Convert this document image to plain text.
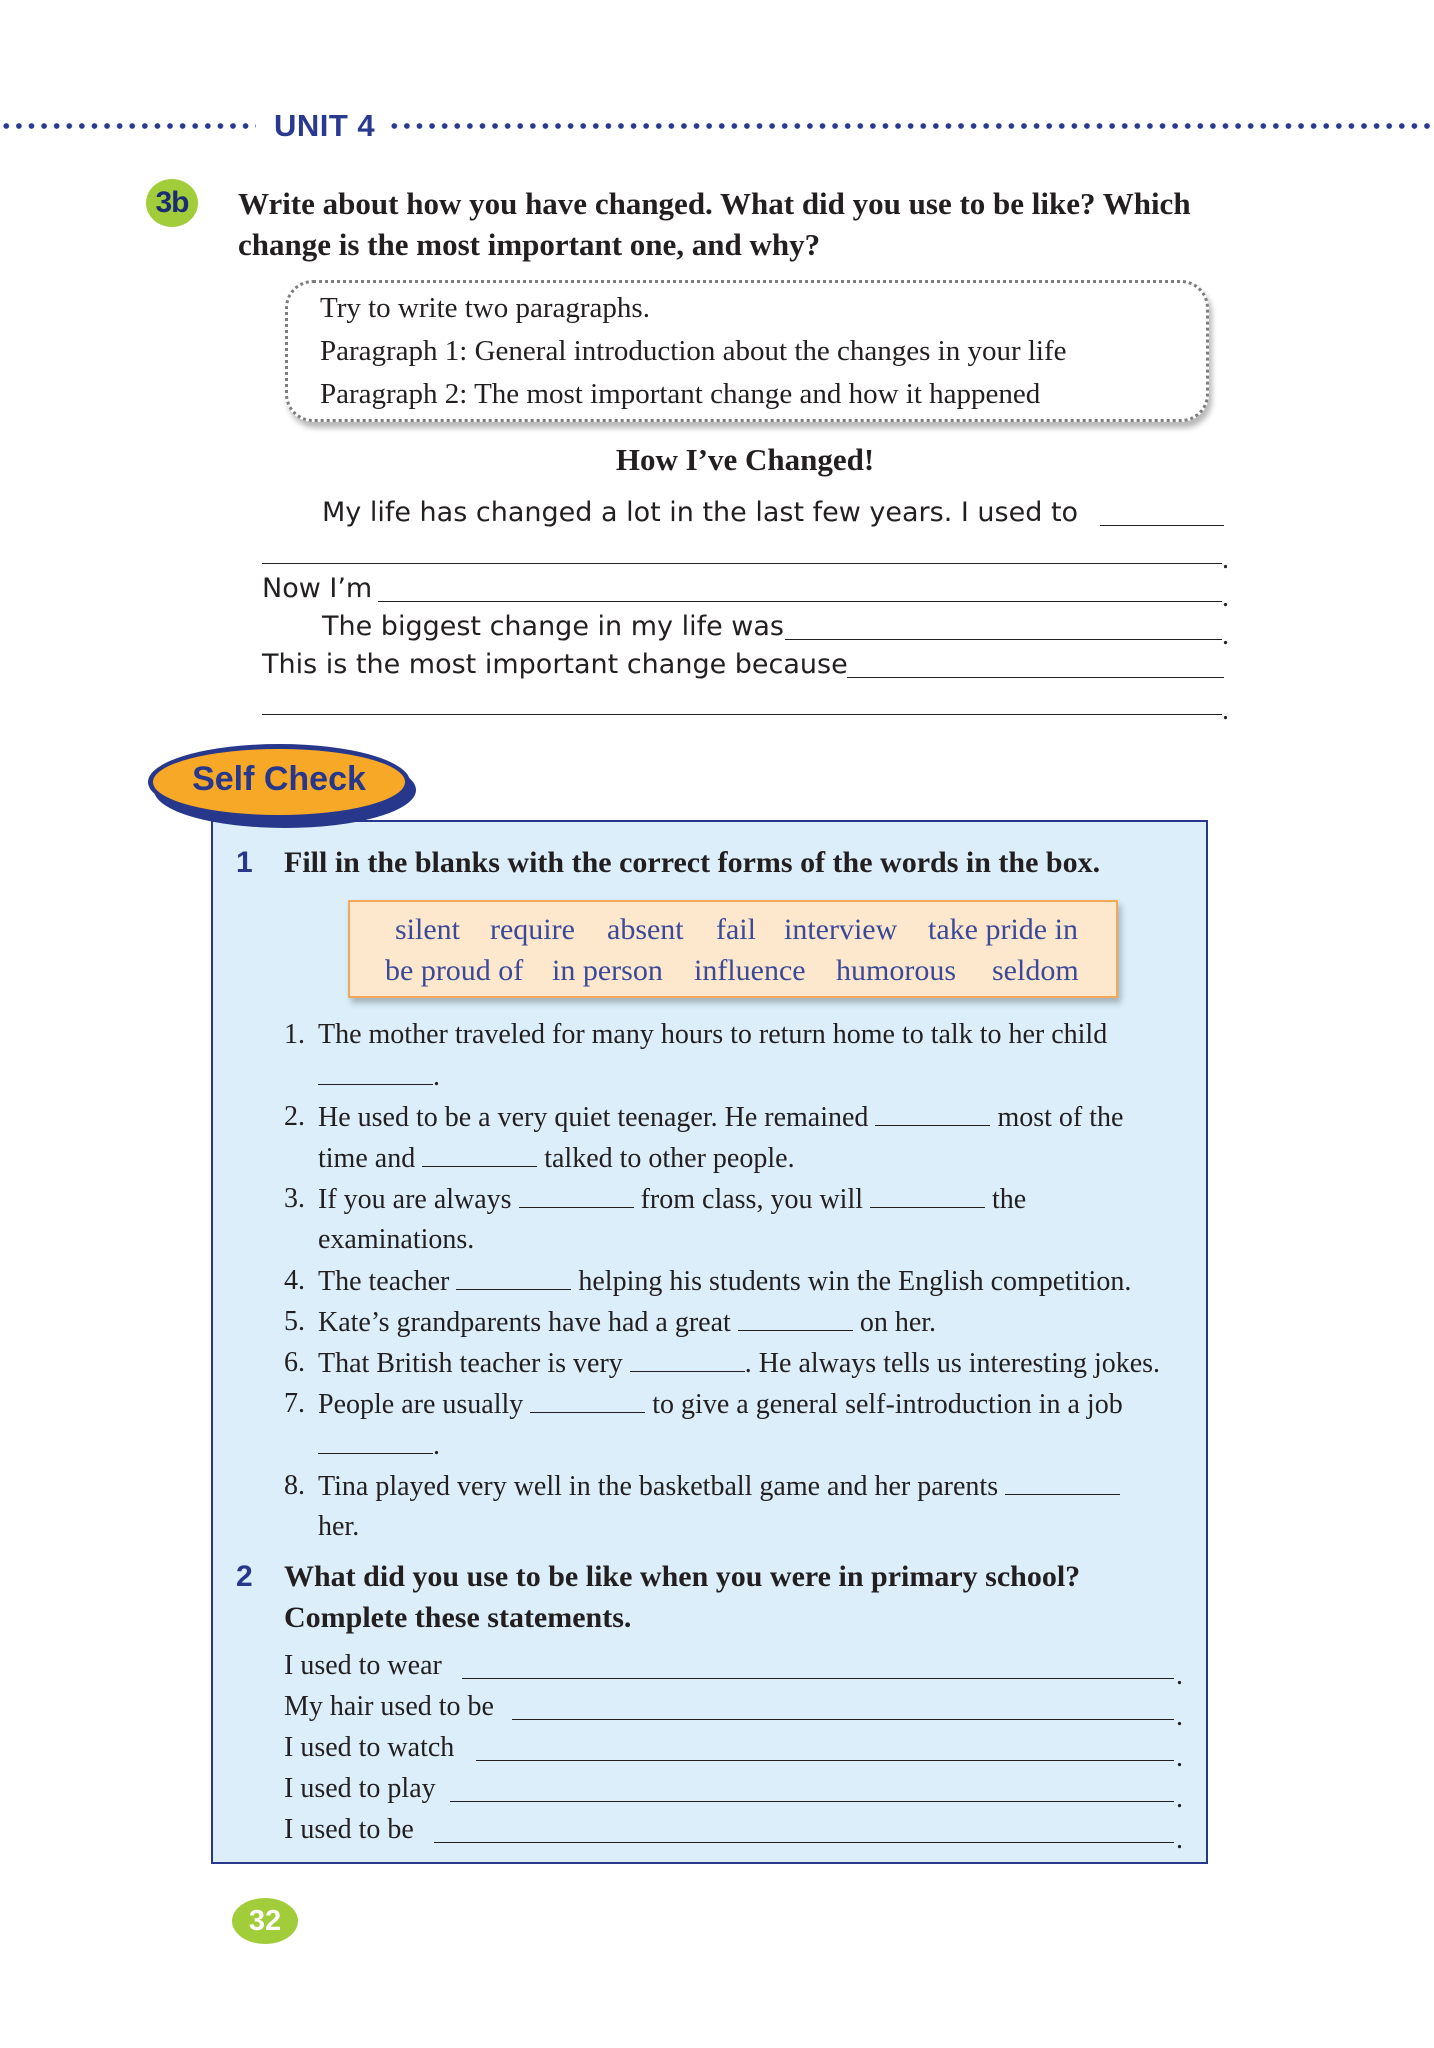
UNIT 4
3b	Write about how you have changed. What did you use to be like? Which
change is the most important one, and why?
Try to write two paragraphs.
Paragraph 1: General introduction about the changes in your life
Paragraph 2: The most important change and how it happened
How I’ve Changed!
My life has changed a lot in the last few years. I used to
.
Now I’m	.
The biggest change in my life was	.
This is the most important change because
.
Self Check
1 Fill in the blanks with the correct forms of the words in the box.
silent require absent fail interview take pride in
be proud of in person influence humorous seldom
1. The mother traveled for many hours to return home to talk to her child
.
2. He used to be a very quiet teenager. He remained	most of the
time and	talked to other people.
3. If you are always	from class, you will	the
examinations.
4. The teacher	helping his students win the English competition.
5. Kate’s grandparents have had a great	on her.
6. That British teacher is very	. He always tells us interesting jokes.
7. People are usually	to give a general self-introduction in a job
.
8. Tina played very well in the basketball game and her parents
her.
2 What did you use to be like when you were in primary school?
Complete these statements.
I used to wear	.
My hair used to be	.
I used to watch	.
I used to play	.
I used to be	.
32
